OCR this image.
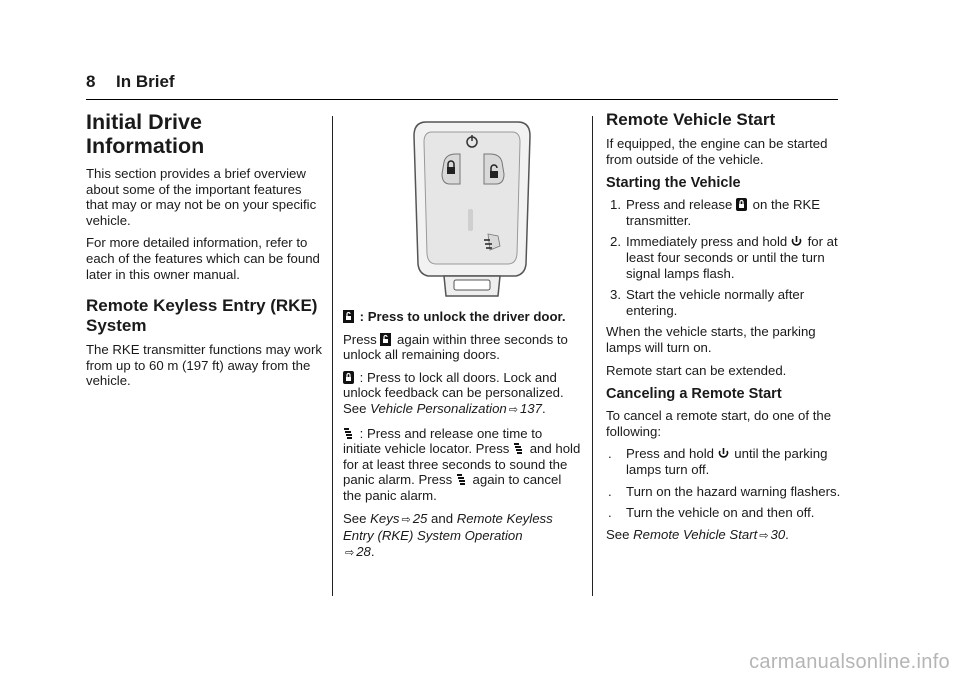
8 In Brief
Initial Drive Information

This section provides a brief overview about some of the important features that may or may not be on your specific vehicle.

For more detailed information, refer to each of the features which can be found later in this owner manual.

Remote Keyless Entry (RKE) System

The RKE transmitter functions may work from up to 60 m (197 ft) away from the vehicle.

: Press to unlock the driver door.

Press
again within three seconds to unlock all remaining doors.

: Press to lock all doors. Lock and unlock feedback can be personalized. See Vehicle Personalization ⇨ 137.

: Press and release one time to initiate vehicle locator. Press
and hold for at least three seconds to sound the panic alarm. Press
again to cancel the panic alarm.

See Keys ⇨ 25 and Remote Keyless Entry (RKE) System Operation
⇨ 28.

Remote Vehicle Start

If equipped, the engine can be started from outside of the vehicle.

Starting the Vehicle
1. Press and release
on the RKE transmitter.
2. Immediately press and hold
for at least four seconds or until the turn signal lamps flash.
3. Start the vehicle normally after entering.

When the vehicle starts, the parking lamps will turn on.

Remote start can be extended.

Canceling a Remote Start

To cancel a remote start, do one of the following:

. Press and hold
until the parking lamps turn off.
. Turn on the hazard warning flashers.
. Turn the vehicle on and then off.

See Remote Vehicle Start ⇨ 30.

carmanualsonline.info
